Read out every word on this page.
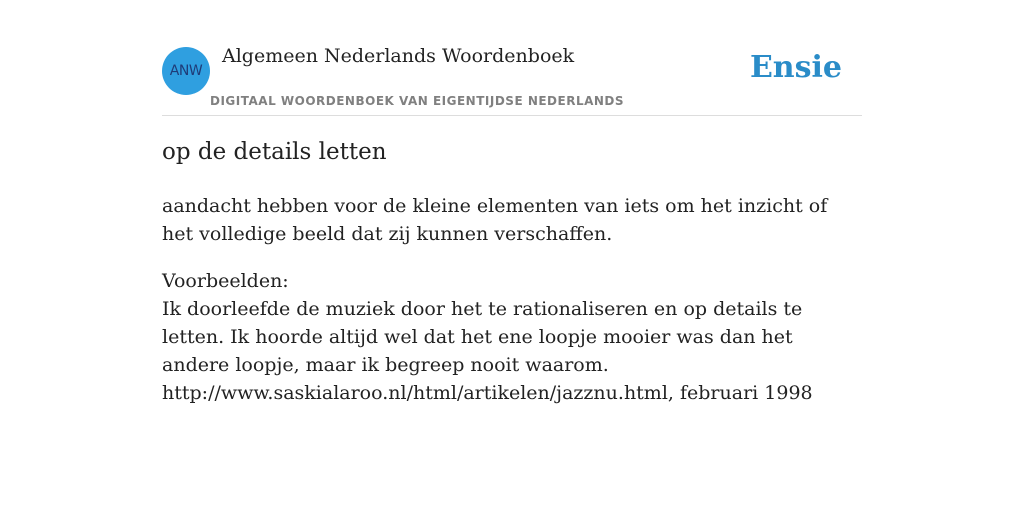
ANW
Algemeen Nederlands Woordenboek
DIGITAAL WOORDENBOEK VAN EIGENTIJDSE NEDERLANDS
Ensie
op de details letten

aandacht hebben voor de kleine elementen van iets om het inzicht of het volledige beeld dat zij kunnen verschaffen.

Voorbeelden:
Ik doorleefde de muziek door het te rationaliseren en op details te letten. Ik hoorde altijd wel dat het ene loopje mooier was dan het andere loopje, maar ik begreep nooit waarom.
http://www.saskialaroo.nl/html/artikelen/jazznu.html, februari 1998
